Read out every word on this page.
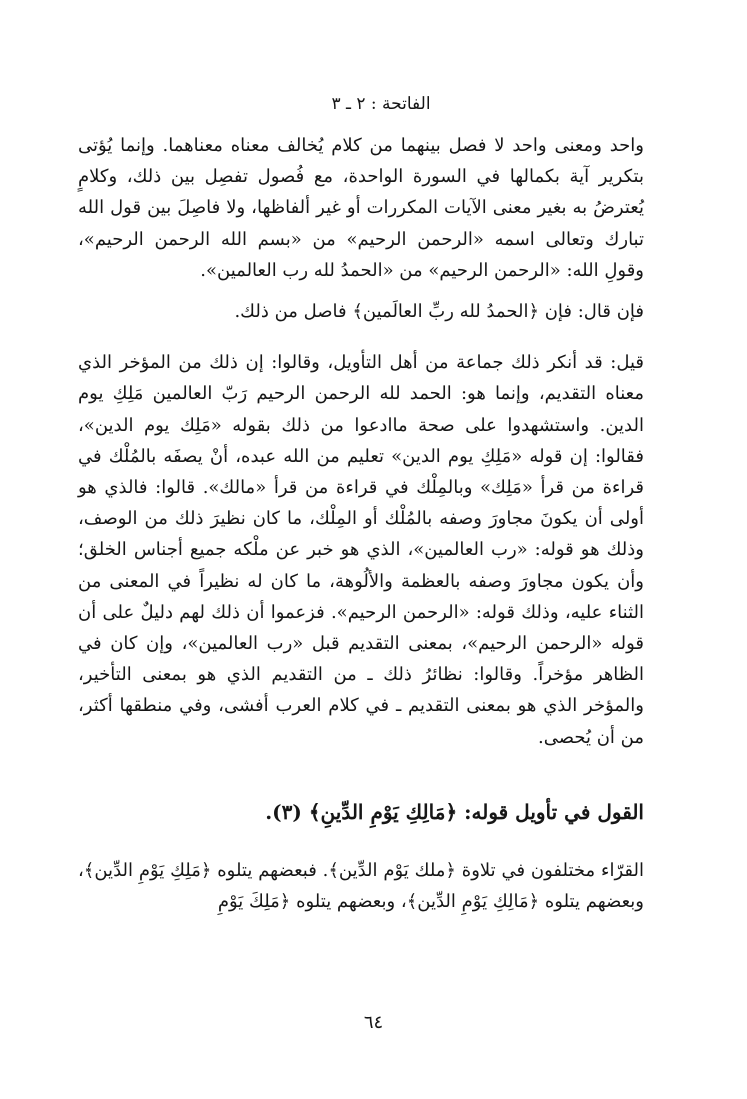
الفاتحة : ٢ ـ ٣

واحد ومعنى واحد لا فصل بينهما من كلام يُخالف معناه معناهما. وإنما يُؤتى بتكرير آية بكمالها في السورة الواحدة، مع فُصول تفصِل بين ذلك، وكلامٍ يُعترضُ به بغير معنى الآيات المكررات أو غير ألفاظها، ولا فاصِلَ بين قول الله تبارك وتعالى اسمه «الرحمن الرحيم» من «بسم الله الرحمن الرحيم»، وقولِ الله: «الرحمن الرحيم» من «الحمدُ لله رب العالمين».

فإن قال: فإن ﴿الحمدُ لله ربِّ العالَمين﴾ فاصل من ذلك.

قيل: قد أنكر ذلك جماعة من أهل التأويل، وقالوا: إن ذلك من المؤخر الذي معناه التقديم، وإنما هو: الحمد لله الرحمن الرحيم رَبّ العالمين مَلِكِ يوم الدين. واستشهدوا على صحة ماادعوا من ذلك بقوله «مَلِك يوم الدين»، فقالوا: إن قوله «مَلِكِ يوم الدين» تعليم من الله عبده، أنْ يصفَه بالمُلْك في قراءة من قرأ «مَلِك» وبالمِلْك في قراءة من قرأ «مالك». قالوا: فالذي هو أولى أن يكونَ مجاورَ وصفه بالمُلْك أو المِلْك، ما كان نظيرَ ذلك من الوصف، وذلك هو قوله: «رب العالمين»، الذي هو خبر عن ملْكه جميع أجناس الخلق؛ وأن يكون مجاورَ وصفه بالعظمة والألُوهة، ما كان له نظيراً في المعنى من الثناء عليه، وذلك قوله: «الرحمن الرحيم». فزعموا أن ذلك لهم دليلٌ على أن قوله «الرحمن الرحيم»، بمعنى التقديم قبل «رب العالمين»، وإن كان في الظاهر مؤخراً. وقالوا: نظائرُ ذلك ـ من التقديم الذي هو بمعنى التأخير، والمؤخر الذي هو بمعنى التقديم ـ في كلام العرب أفشى، وفي منطقها أكثر، من أن يُحصى.

القول في تأويل قوله: ﴿مَالِكِ يَوْمِ الدِّينِ﴾ (٣).

القرّاء مختلفون في تلاوة ﴿ملك يَوْم الدِّين﴾. فبعضهم يتلوه ﴿مَلِكِ يَوْمِ الدِّين﴾، وبعضهم يتلوه ﴿مَالِكِ يَوْمِ الدِّين﴾، وبعضهم يتلوه ﴿مَلِكَ يَوْمِ

٦٤
